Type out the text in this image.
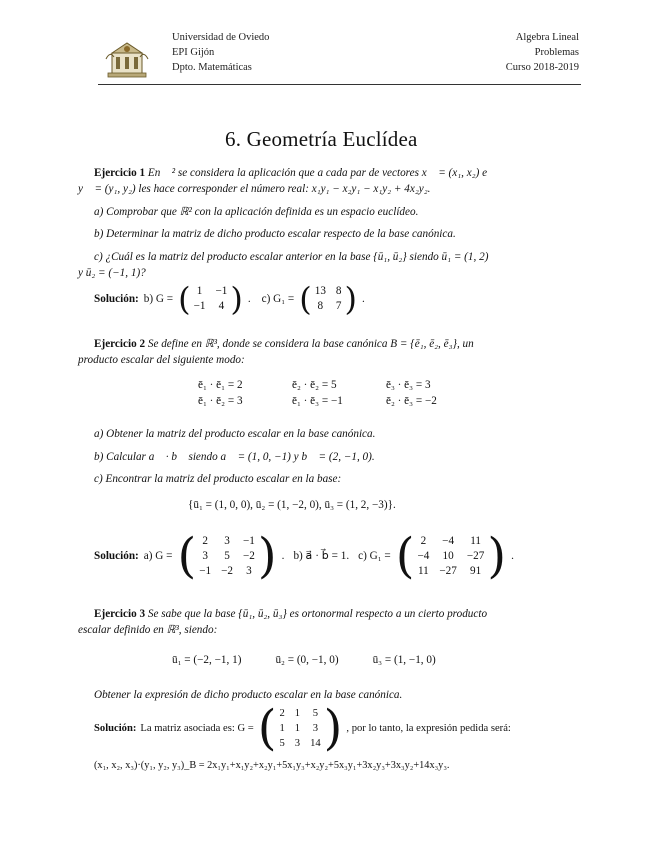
Universidad de Oviedo
EPI Gijón
Dpto. Matemáticas
Algebra Lineal
Problemas
Curso 2018-2019
6. Geometría Euclídea
Ejercicio 1 En ℝ² se considera la aplicación que a cada par de vectores x⃗ = (x₁, x₂) e
y⃗ = (y₁, y₂) les hace corresponder el número real: x₁y₁ − x₂y₁ − x₁y₂ + 4x₂y₂.
a) Comprobar que ℝ² con la aplicación definida es un espacio euclídeo.
b) Determinar la matriz de dicho producto escalar respecto de la base canónica.
c) ¿Cuál es la matriz del producto escalar anterior en la base {ū₁, ū₂} siendo ū₁ = (1, 2)
y ū₂ = (−1, 1)?
Solución: b) G = ( 1 −1
−1 4 ) . c) G₁ = ( 13 8
8 7 ) .
Ejercicio 2 Se define en ℝ³, donde se considera la base canónica B = {ē₁, ē₂, ē₃}, un
producto escalar del siguiente modo:
ē₁ · ē₁ = 2	ē₂ · ē₂ = 5	ē₃ · ē₃ = 3
ē₁ · ē₂ = 3	ē₁ · ē₃ = −1	ē₂ · ē₃ = −2
a) Obtener la matriz del producto escalar en la base canónica.
b) Calcular a⃗ · b⃗ siendo a⃗ = (1, 0, −1) y b⃗ = (2, −1, 0).
c) Encontrar la matriz del producto escalar en la base:
{ū₁ = (1, 0, 0), ū₂ = (1, −2, 0), ū₃ = (1, 2, −3)}.
Solución: a) G = ( 2 3 −1
3 5 −2
−1 −2 3 ) . b) a⃗ · b⃗ = 1. c) G₁ = ( 2 −4 11
−4 10 −27
11 −27 91 ) .
Ejercicio 3 Se sabe que la base {ū₁, ū₂, ū₃} es ortonormal respecto a un cierto producto
escalar definido en ℝ³, siendo:
ū₁ = (−2, −1, 1)	ū₂ = (0, −1, 0)	ū₃ = (1, −1, 0)
Obtener la expresión de dicho producto escalar en la base canónica.
Solución: La matriz asociada es: G = ( 2 1 5
1 1 3
5 3 14 ) , por lo tanto, la expresión pedida será:
(x₁, x₂, x₃)·(y₁, y₂, y₃)_B = 2x₁y₁+x₁y₂+x₂y₁+5x₁y₃+x₂y₂+5x₃y₁+3x₂y₃+3x₃y₂+14x₃y₃.
